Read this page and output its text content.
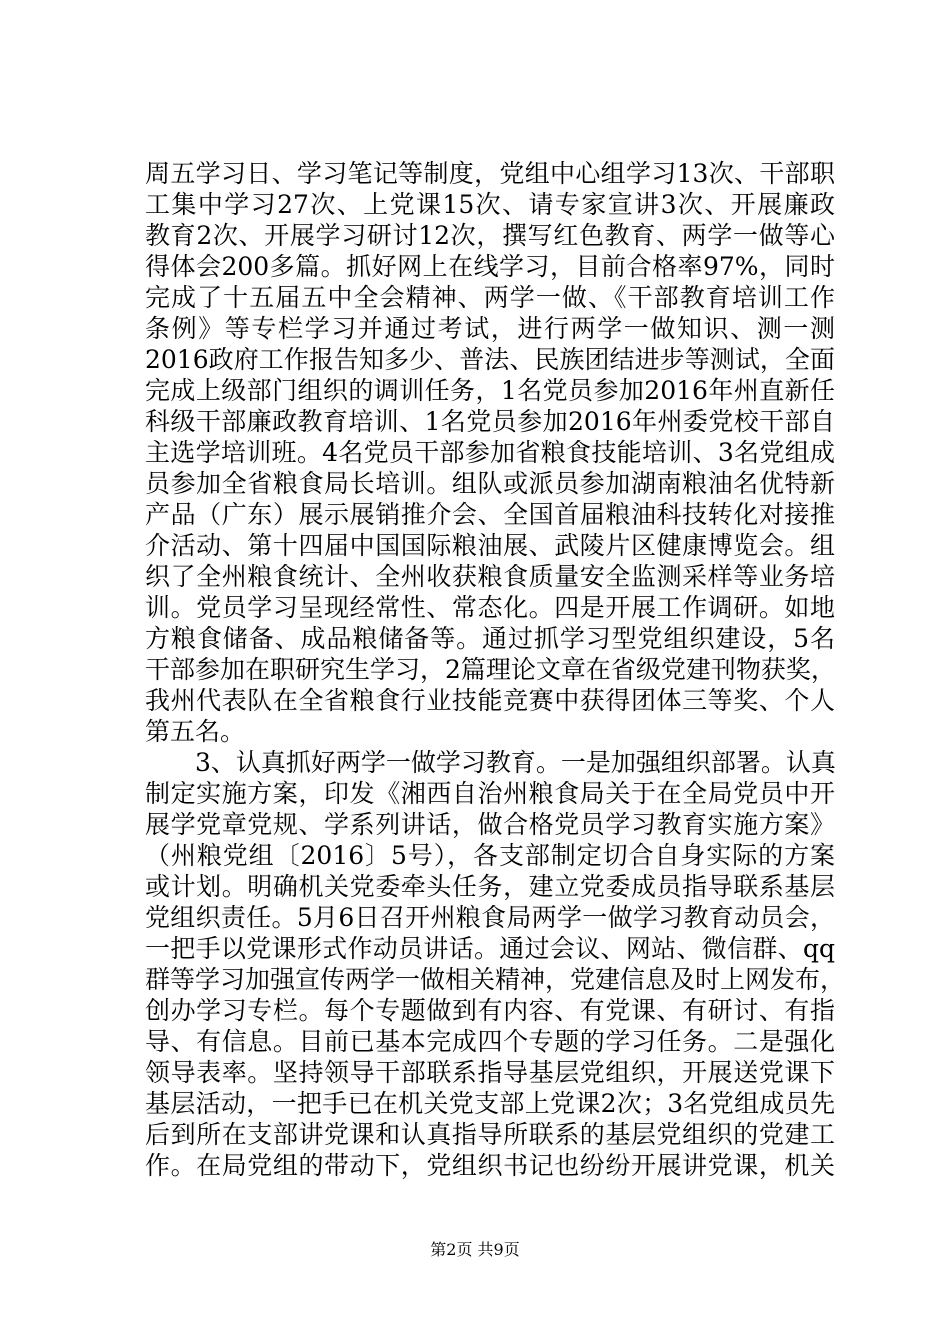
周五学习日、学习笔记等制度，党组中心组学习13次、干部职
工集中学习27次、上党课15次、请专家宣讲3次、开展廉政
教育2次、开展学习研讨12次，撰写红色教育、两学一做等心
得体会200多篇。抓好网上在线学习，目前合格率97%，同时
完成了十五届五中全会精神、两学一做、《干部教育培训工作
条例》等专栏学习并通过考试，进行两学一做知识、测一测
2016政府工作报告知多少、普法、民族团结进步等测试，全面
完成上级部门组织的调训任务，1名党员参加2016年州直新任
科级干部廉政教育培训、1名党员参加2016年州委党校干部自
主选学培训班。4名党员干部参加省粮食技能培训、3名党组成
员参加全省粮食局长培训。组队或派员参加湖南粮油名优特新
产品（广东）展示展销推介会、全国首届粮油科技转化对接推
介活动、第十四届中国国际粮油展、武陵片区健康博览会。组
织了全州粮食统计、全州收获粮食质量安全监测采样等业务培
训。党员学习呈现经常性、常态化。四是开展工作调研。如地
方粮食储备、成品粮储备等。通过抓学习型党组织建设，5名
干部参加在职研究生学习，2篇理论文章在省级党建刊物获奖，
我州代表队在全省粮食行业技能竞赛中获得团体三等奖、个人
第五名。
3、认真抓好两学一做学习教育。一是加强组织部署。认真
制定实施方案，印发《湘西自治州粮食局关于在全局党员中开
展学党章党规、学系列讲话，做合格党员学习教育实施方案》
（州粮党组〔2016〕5号），各支部制定切合自身实际的方案
或计划。明确机关党委牵头任务，建立党委成员指导联系基层
党组织责任。5月6日召开州粮食局两学一做学习教育动员会，
一把手以党课形式作动员讲话。通过会议、网站、微信群、qq
群等学习加强宣传两学一做相关精神，党建信息及时上网发布，
创办学习专栏。每个专题做到有内容、有党课、有研讨、有指
导、有信息。目前已基本完成四个专题的学习任务。二是强化
领导表率。坚持领导干部联系指导基层党组织，开展送党课下
基层活动，一把手已在机关党支部上党课2次；3名党组成员先
后到所在支部讲党课和认真指导所联系的基层党组织的党建工
作。在局党组的带动下，党组织书记也纷纷开展讲党课，机关
第2页 共9页
